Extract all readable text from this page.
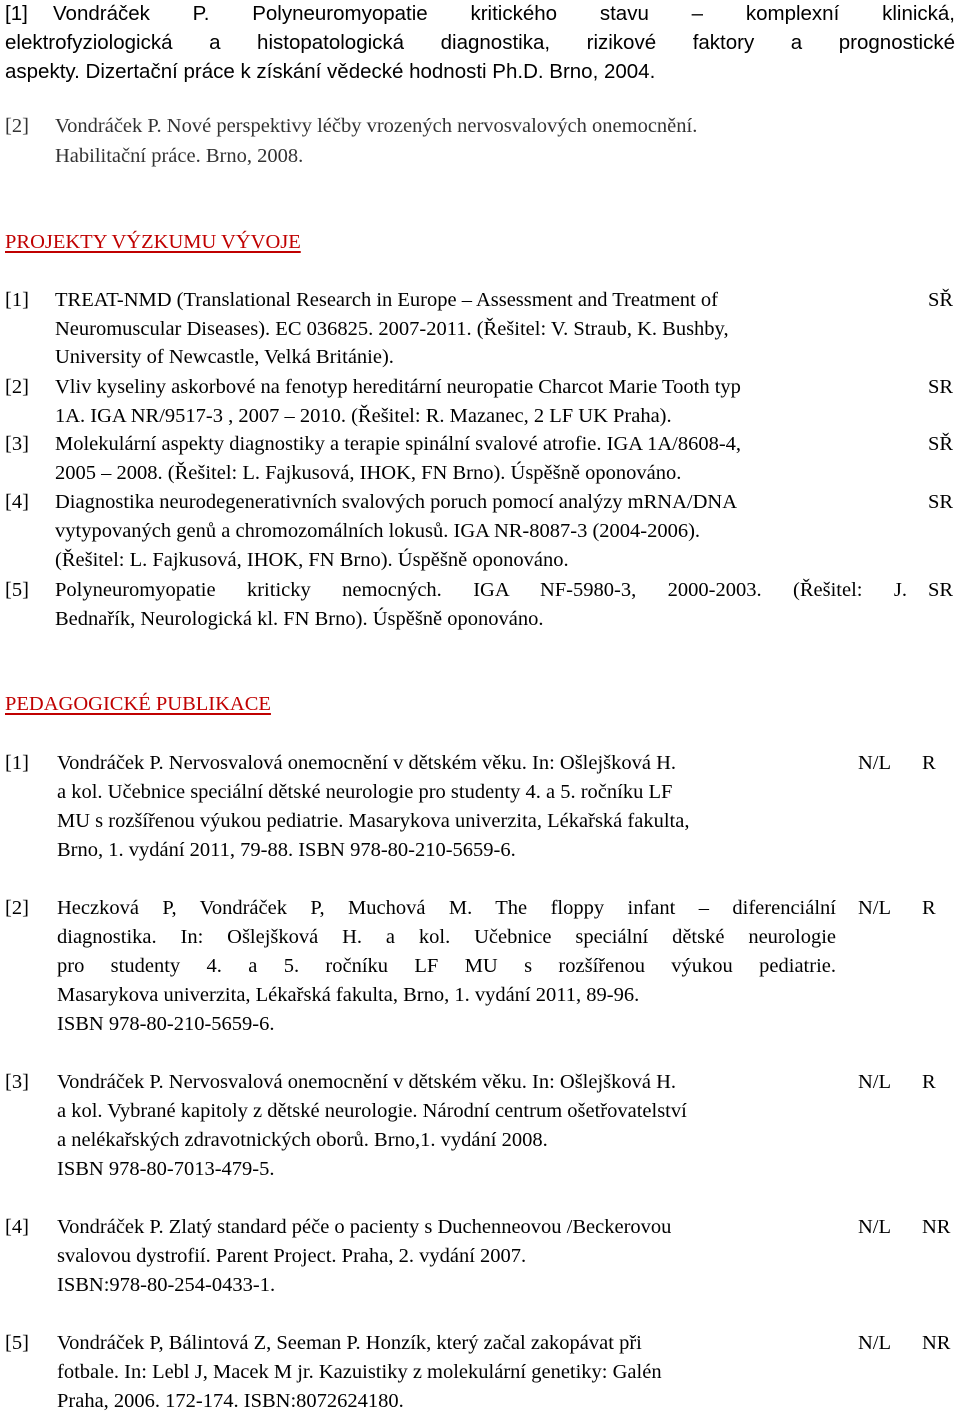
[1] Vondráček P. Polyneuromyopatie kritického stavu – komplexní klinická,
elektrofyziologická a histopatologická diagnostika, rizikové faktory a prognostické
aspekty. Dizertační práce k získání vědecké hodnosti Ph.D. Brno, 2004.
[2] Vondráček P. Nové perspektivy léčby vrozených nervosvalových onemocnění.
Habilitační práce. Brno, 2008.
PROJEKTY VÝZKUMU VÝVOJE
[1] TREAT-NMD (Translational Research in Europe – Assessment and Treatment of
Neuromuscular Diseases). EC 036825. 2007-2011. (Řešitel: V. Straub, K. Bushby,
University of Newcastle, Velká Británie).
SŘ
[2] Vliv kyseliny askorbové na fenotyp hereditární neuropatie Charcot Marie Tooth typ
1A. IGA NR/9517-3 , 2007 – 2010. (Řešitel: R. Mazanec, 2 LF UK Praha).
SR
[3] Molekulární aspekty diagnostiky a terapie spinální svalové atrofie. IGA 1A/8608-4,
2005 – 2008. (Řešitel: L. Fajkusová, IHOK, FN Brno). Úspěšně oponováno.
SŘ
[4] Diagnostika neurodegenerativních svalových poruch pomocí analýzy mRNA/DNA
vytypovaných genů a chromozomálních lokusů. IGA NR-8087-3 (2004-2006).
(Řešitel: L. Fajkusová, IHOK, FN Brno). Úspěšně oponováno.
SR
[5] Polyneuromyopatie kriticky nemocných. IGA NF-5980-3, 2000-2003. (Řešitel: J.
Bednařík, Neurologická kl. FN Brno). Úspěšně oponováno.
SR
PEDAGOGICKÉ PUBLIKACE
[1] Vondráček P. Nervosvalová onemocnění v dětském věku. In: Ošlejšková H.
a kol. Učebnice speciální dětské neurologie pro studenty 4. a 5. ročníku LF
MU s rozšířenou výukou pediatrie. Masarykova univerzita, Lékařská fakulta,
Brno, 1. vydání 2011, 79-88. ISBN 978-80-210-5659-6.
N/L R
[2] Heczková P, Vondráček P, Muchová M. The floppy infant – diferenciální
diagnostika. In: Ošlejšková H. a kol. Učebnice speciální dětské neurologie
pro studenty 4. a 5. ročníku LF MU s rozšířenou výukou pediatrie.
Masarykova univerzita, Lékařská fakulta, Brno, 1. vydání 2011, 89-96.
ISBN 978-80-210-5659-6.
N/L R
[3] Vondráček P. Nervosvalová onemocnění v dětském věku. In: Ošlejšková H.
a kol. Vybrané kapitoly z dětské neurologie. Národní centrum ošetřovatelství
a nelékařských zdravotnických oborů. Brno,1. vydání 2008.
ISBN 978-80-7013-479-5.
N/L R
[4] Vondráček P. Zlatý standard péče o pacienty s Duchenneovou /Beckerovou
svalovou dystrofií. Parent Project. Praha, 2. vydání 2007.
ISBN:978-80-254-0433-1.
N/L NR
[5] Vondráček P, Bálintová Z, Seeman P. Honzík, který začal zakopávat při
fotbale. In: Lebl J, Macek M jr. Kazuistiky z molekulární genetiky: Galén
Praha, 2006. 172-174. ISBN:8072624180.
N/L NR
